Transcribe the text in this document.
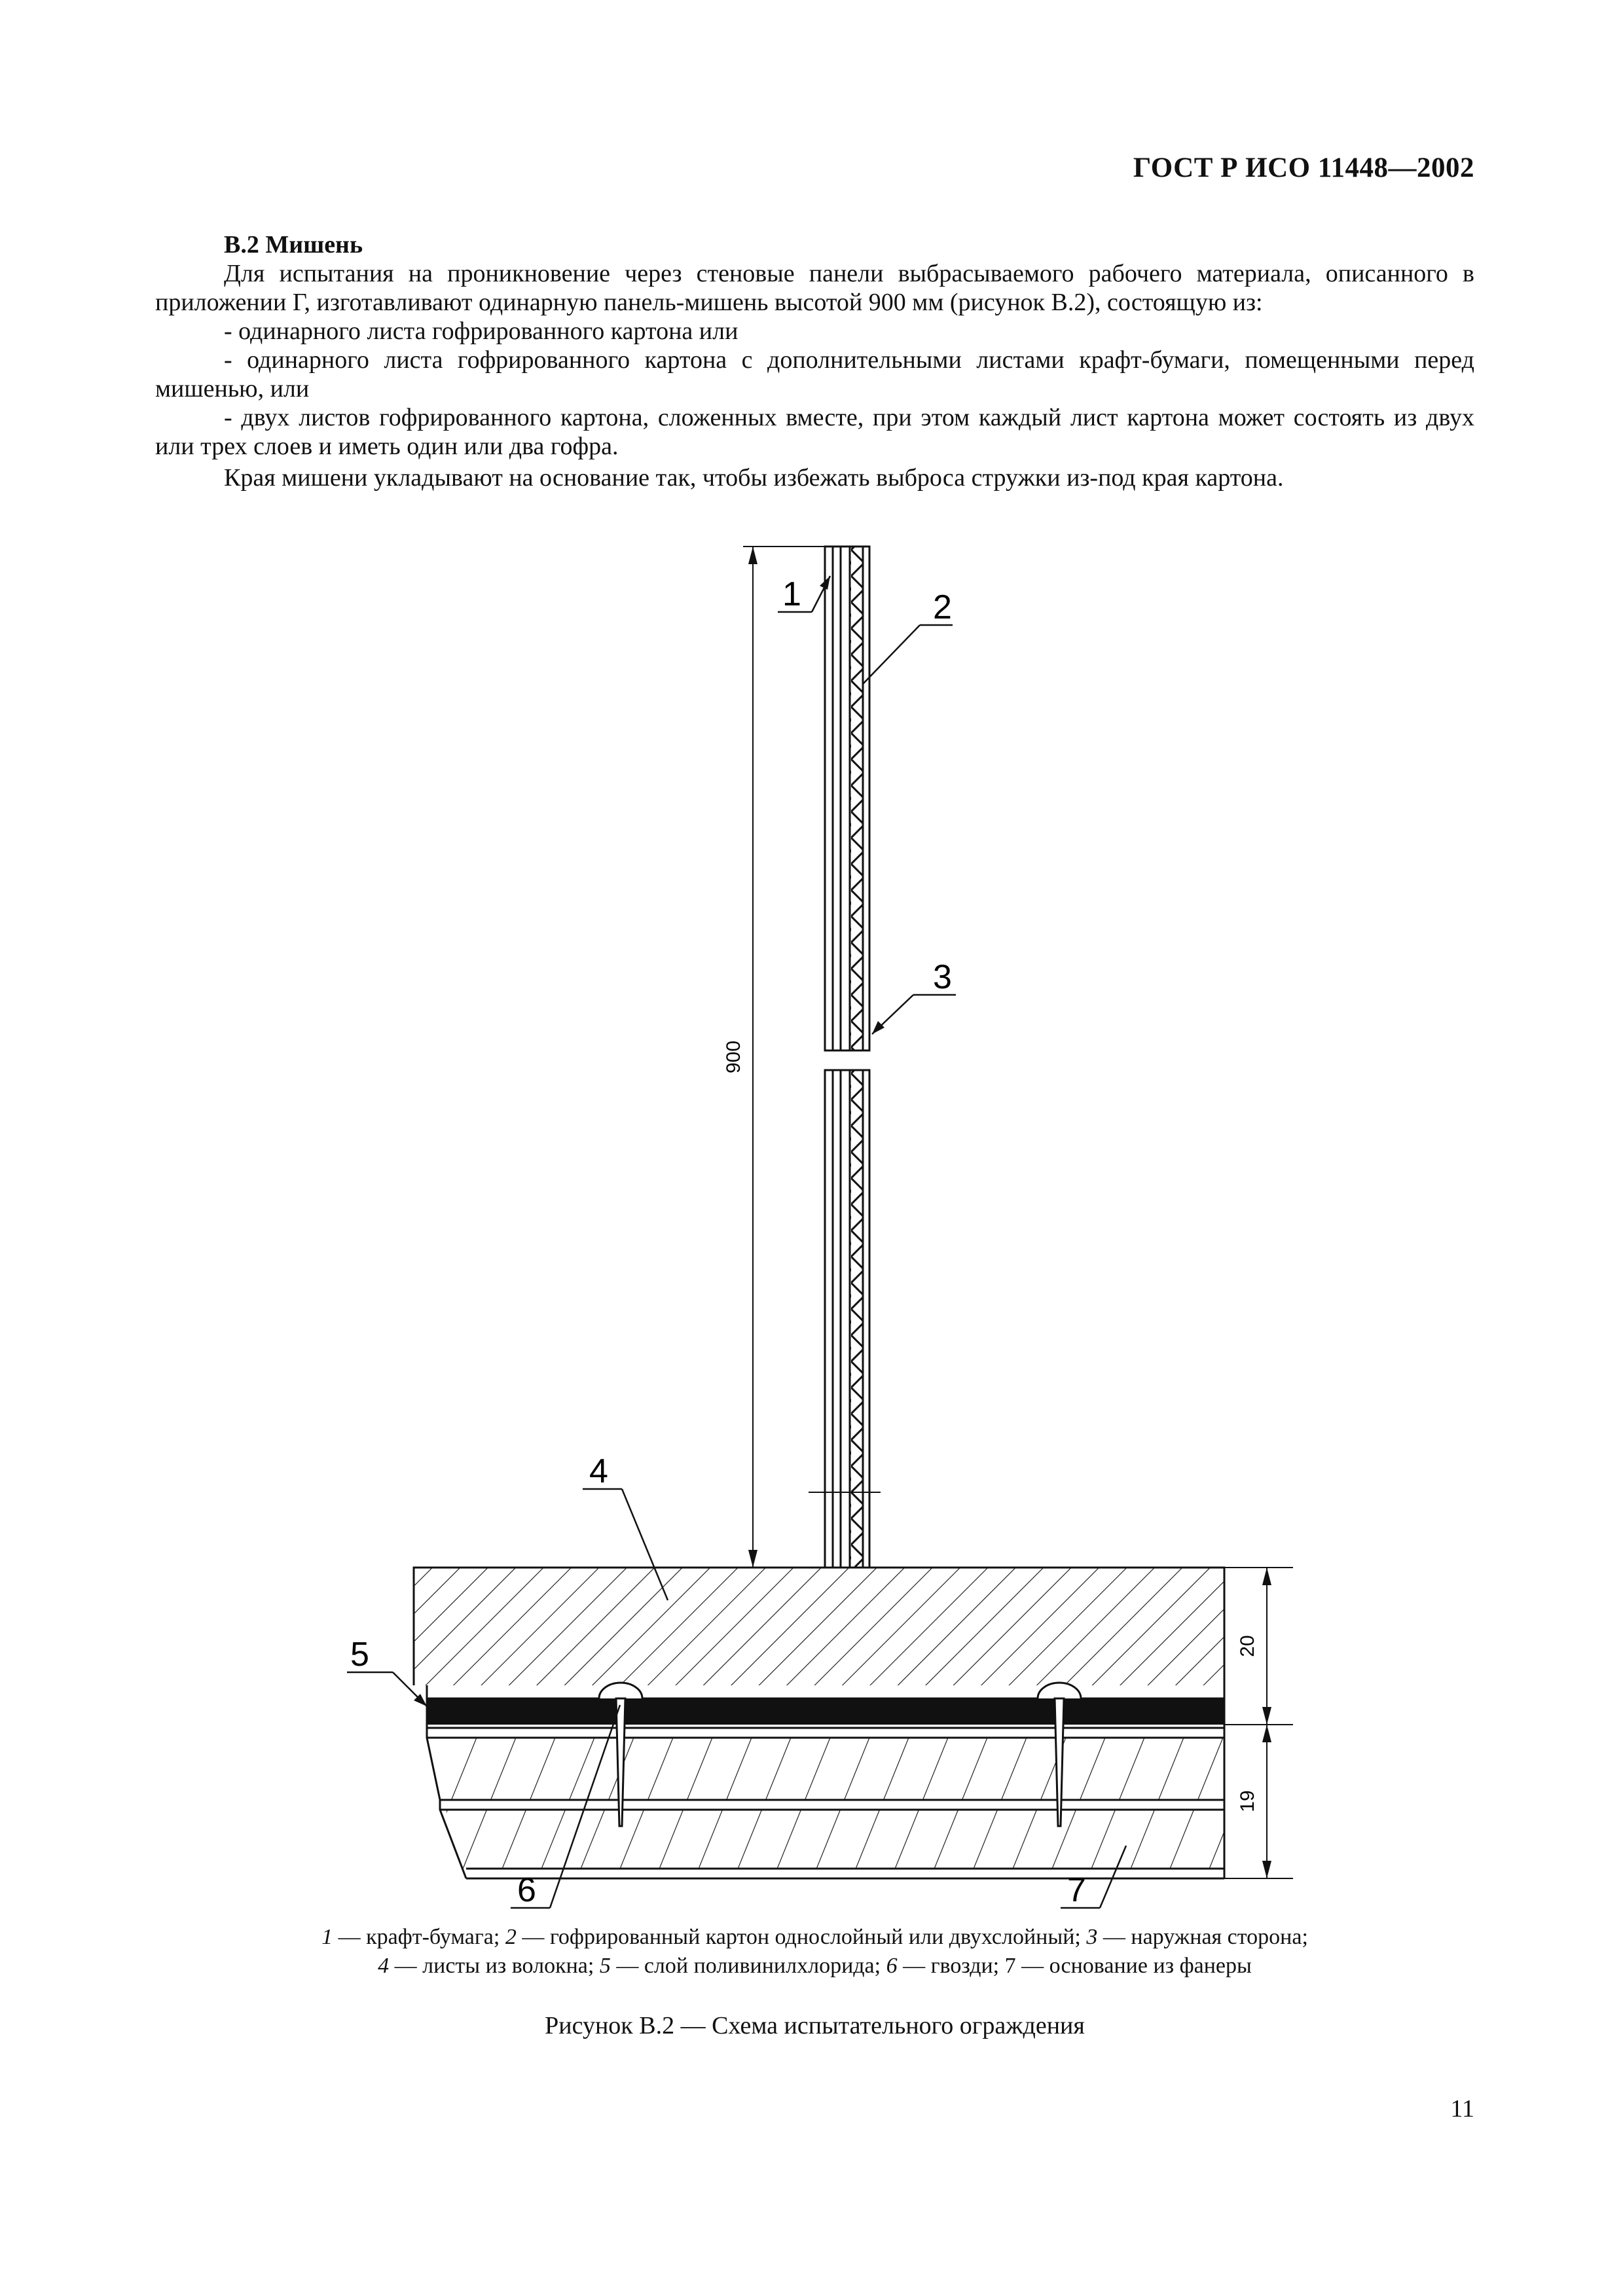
ГОСТ Р ИСО 11448—2002

В.2 Мишень

Для испытания на проникновение через стеновые панели выбрасываемого рабочего материала, описанного в приложении Г, изготавливают одинарную панель-мишень высотой 900 мм (рисунок В.2), состоящую из:

- одинарного листа гофрированного картона или

- одинарного листа гофрированного картона с дополнительными листами крафт-бумаги, помещенными перед мишенью, или

- двух листов гофрированного картона, сложенных вместе, при этом каждый лист картона может состоять из двух или трех слоев и иметь один или два гофра.

Края мишени укладывают на основание так, чтобы избежать выброса стружки из-под края картона.

900
20
19
1	2
3
4
5
6	7

1 — крафт-бумага; 2 — гофрированный картон однослойный или двухслойный; 3 — наружная сторона;

4 — листы из волокна; 5 — слой поливинилхлорида; 6 — гвозди; 7 — основание из фанеры

Рисунок В.2 — Схема испытательного ограждения
11
